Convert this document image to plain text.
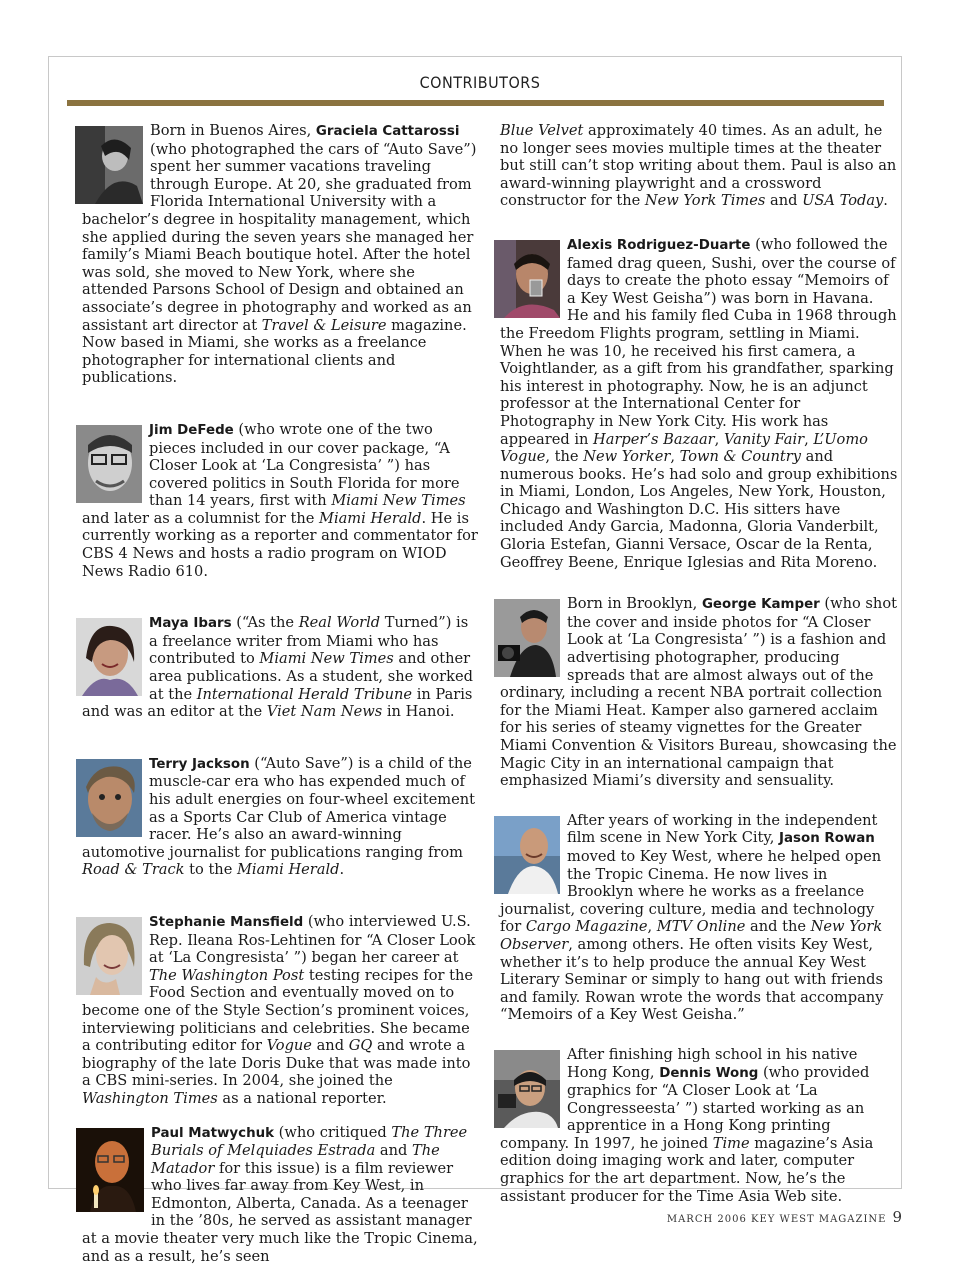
CONTRIBUTORS

Born in Buenos Aires, Graciela Cattarossi (who photographed the cars of “Auto Save”) spent her summer vacations traveling through Europe. At 20, she graduated from Florida International University with a bachelor’s degree in hospitality management, which she applied during the seven years she managed her family’s Miami Beach boutique hotel. After the hotel was sold, she moved to New York, where she attended Parsons School of Design and obtained an associate’s degree in photography and worked as an assistant art director at Travel & Leisure magazine. Now based in Miami, she works as a freelance photographer for international clients and publications.

Jim DeFede (who wrote one of the two pieces included in our cover package, “A Closer Look at ‘La Congresista’ ”) has covered politics in South Florida for more than 14 years, first with Miami New Times and later as a columnist for the Miami Herald. He is currently working as a reporter and commentator for CBS 4 News and hosts a radio program on WIOD News Radio 610.

Maya Ibars (“As the Real World Turned”) is a freelance writer from Miami who has contributed to Miami New Times and other area publications. As a student, she worked at the International Herald Tribune in Paris and was an editor at the Viet Nam News in Hanoi.

Terry Jackson (“Auto Save”) is a child of the muscle-car era who has expended much of his adult energies on four-wheel excitement as a Sports Car Club of America vintage racer. He’s also an award-winning automotive journalist for publications ranging from Road & Track to the Miami Herald.

Stephanie Mansfield (who interviewed U.S. Rep. Ileana Ros-Lehtinen for “A Closer Look at ‘La Congresista’ ”) began her career at The Washington Post testing recipes for the Food Section and eventually moved on to become one of the Style Section’s prominent voices, interviewing politicians and celebrities. She became a contributing editor for Vogue and GQ and wrote a biography of the late Doris Duke that was made into a CBS mini-series. In 2004, she joined the Washington Times as a national reporter.

Paul Matwychuk (who critiqued The Three Burials of Melquiades Estrada and The Matador for this issue) is a film reviewer who lives far away from Key West, in Edmonton, Alberta, Canada. As a teenager in the ’80s, he served as assistant manager at a movie theater very much like the Tropic Cinema, and as a result, he’s seen

Blue Velvet approximately 40 times. As an adult, he no longer sees movies multiple times at the theater but still can’t stop writing about them. Paul is also an award-winning playwright and a crossword constructor for the New York Times and USA Today.

Alexis Rodriguez-Duarte (who followed the famed drag queen, Sushi, over the course of days to create the photo essay “Memoirs of a Key West Geisha”) was born in Havana. He and his family fled Cuba in 1968 through the Freedom Flights program, settling in Miami. When he was 10, he received his first camera, a Voightlander, as a gift from his grandfather, sparking his interest in photography. Now, he is an adjunct professor at the International Center for Photography in New York City. His work has appeared in Harper’s Bazaar, Vanity Fair, L’Uomo Vogue, the New Yorker, Town & Country and numerous books. He’s had solo and group exhibitions in Miami, London, Los Angeles, New York, Houston, Chicago and Washington D.C. His sitters have included Andy Garcia, Madonna, Gloria Vanderbilt, Gloria Estefan, Gianni Versace, Oscar de la Renta, Geoffrey Beene, Enrique Iglesias and Rita Moreno.

Born in Brooklyn, George Kamper (who shot the cover and inside photos for “A Closer Look at ‘La Congresista’ ”) is a fashion and advertising photographer, producing spreads that are almost always out of the ordinary, including a recent NBA portrait collection for the Miami Heat. Kamper also garnered acclaim for his series of steamy vignettes for the Greater Miami Convention & Visitors Bureau, showcasing the Magic City in an international campaign that emphasized Miami’s diversity and sensuality.

After years of working in the independent film scene in New York City, Jason Rowan moved to Key West, where he helped open the Tropic Cinema. He now lives in Brooklyn where he works as a freelance journalist, covering culture, media and technology for Cargo Magazine, MTV Online and the New York Observer, among others. He often visits Key West, whether it’s to help produce the annual Key West Literary Seminar or simply to hang out with friends and family. Rowan wrote the words that accompany “Memoirs of a Key West Geisha.”

After finishing high school in his native Hong Kong, Dennis Wong (who provided graphics for “A Closer Look at ‘La Congresseesta’ ”) started working as an apprentice in a Hong Kong printing company. In 1997, he joined Time magazine’s Asia edition doing imaging work and later, computer graphics for the art department. Now, he’s the assistant producer for the Time Asia Web site.

MARCH 2006 KEY WEST MAGAZINE 9
